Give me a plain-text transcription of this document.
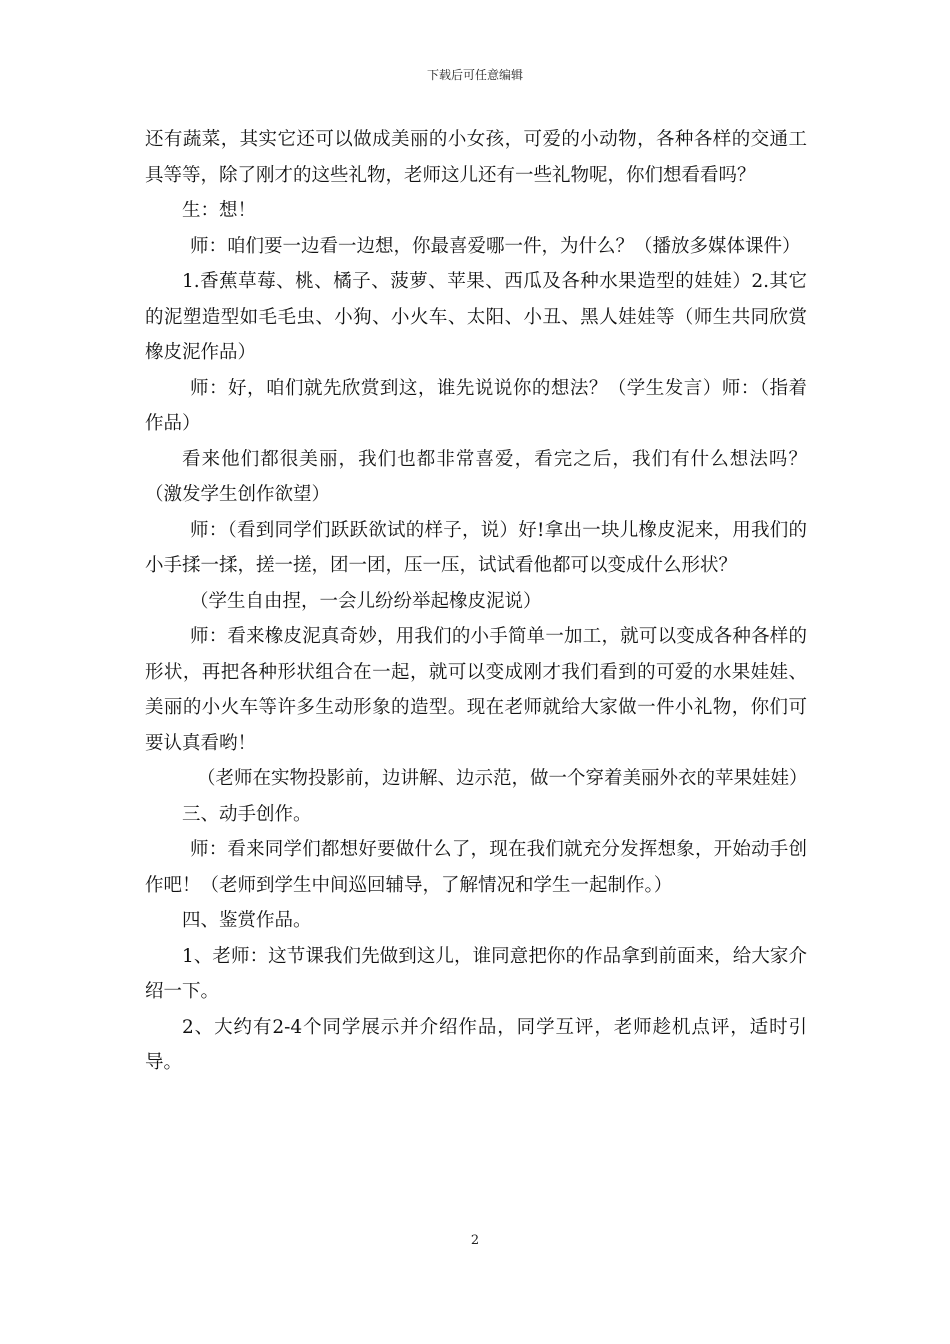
下载后可任意编辑

还有蔬菜，其实它还可以做成美丽的小女孩，可爱的小动物，各种各样的交通工具等等，除了刚才的这些礼物，老师这儿还有一些礼物呢，你们想看看吗？

生：想！

师：咱们要一边看一边想，你最喜爱哪一件，为什么？（播放多媒体课件）

1.香蕉草莓、桃、橘子、菠萝、苹果、西瓜及各种水果造型的娃娃）2.其它的泥塑造型如毛毛虫、小狗、小火车、太阳、小丑、黑人娃娃等（师生共同欣赏橡皮泥作品）

师：好，咱们就先欣赏到这，谁先说说你的想法？（学生发言）师：（指着作品）

看来他们都很美丽，我们也都非常喜爱，看完之后，我们有什么想法吗？（激发学生创作欲望）

师：（看到同学们跃跃欲试的样子，说）好!拿出一块儿橡皮泥来，用我们的小手揉一揉，搓一搓，团一团，压一压，试试看他都可以变成什么形状？

（学生自由捏，一会儿纷纷举起橡皮泥说）

师：看来橡皮泥真奇妙，用我们的小手简单一加工，就可以变成各种各样的形状，再把各种形状组合在一起，就可以变成刚才我们看到的可爱的水果娃娃、美丽的小火车等许多生动形象的造型。现在老师就给大家做一件小礼物，你们可要认真看哟！

（老师在实物投影前，边讲解、边示范，做一个穿着美丽外衣的苹果娃娃）

三、动手创作。

师：看来同学们都想好要做什么了，现在我们就充分发挥想象，开始动手创作吧！（老师到学生中间巡回辅导，了解情况和学生一起制作。）

四、鉴赏作品。

1、老师：这节课我们先做到这儿，谁同意把你的作品拿到前面来，给大家介绍一下。

2、大约有2-4个同学展示并介绍作品，同学互评，老师趁机点评，适时引导。

2
